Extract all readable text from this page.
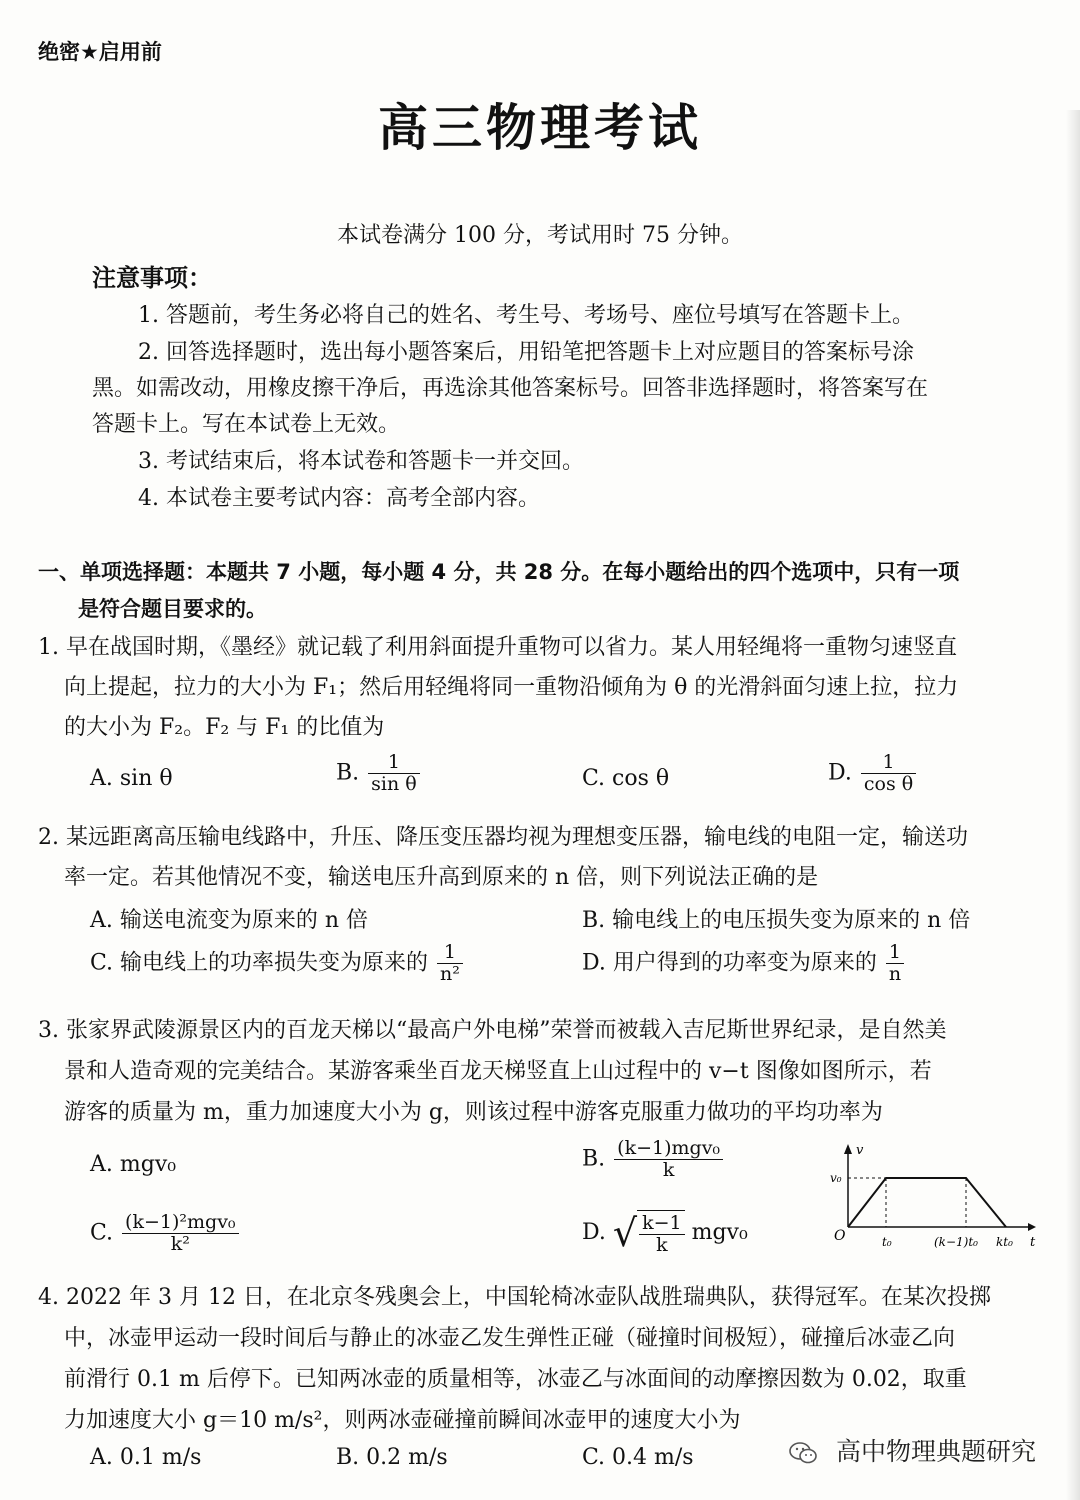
绝密★启用前
高三物理考试
本试卷满分 100 分，考试用时 75 分钟。
注意事项：
1. 答题前，考生务必将自己的姓名、考生号、考场号、座位号填写在答题卡上。
2. 回答选择题时，选出每小题答案后，用铅笔把答题卡上对应题目的答案标号涂
黑。如需改动，用橡皮擦干净后，再选涂其他答案标号。回答非选择题时，将答案写在
答题卡上。写在本试卷上无效。
3. 考试结束后，将本试卷和答题卡一并交回。
4. 本试卷主要考试内容：高考全部内容。
一、单项选择题：本题共 7 小题，每小题 4 分，共 28 分。在每小题给出的四个选项中，只有一项
是符合题目要求的。
1. 早在战国时期，《墨经》就记载了利用斜面提升重物可以省力。某人用轻绳将一重物匀速竖直
向上提起，拉力的大小为 F₁；然后用轻绳将同一重物沿倾角为 θ 的光滑斜面匀速上拉，拉力
的大小为 F₂。F₂ 与 F₁ 的比值为
A. sin θ	B. $\frac{1}{\text{sin θ}}$	C. cos θ	D. $\frac{1}{\text{cos θ}}$
2. 某远距离高压输电线路中，升压、降压变压器均视为理想变压器，输电线的电阻一定，输送功
率一定。若其他情况不变，输送电压升高到原来的 n 倍，则下列说法正确的是
A. 输送电流变为原来的 n 倍	B. 输电线上的电压损失变为原来的 n 倍
C. 输电线上的功率损失变为原来的 $\frac{1}{\text{n²}}$	D. 用户得到的功率变为原来的 $\frac{1}{n}$
3. 张家界武陵源景区内的百龙天梯以“最高户外电梯”荣誉而被载入吉尼斯世界纪录，是自然美
景和人造奇观的完美结合。某游客乘坐百龙天梯竖直上山过程中的 v−t 图像如图所示，若
游客的质量为 m，重力加速度大小为 g，则该过程中游客克服重力做功的平均功率为
A. mgv₀	B. $\frac{\text{(k−1)mgv₀}}{k}$
C. $\frac{\text{(k−1)²mgv₀}}{\text{k²}}$	D. √ $\frac{k-1}{k} mgv_0$
v
t
O
v₀
t₀	(k−1)t₀ kt₀
4. 2022 年 3 月 12 日，在北京冬残奥会上，中国轮椅冰壶队战胜瑞典队，获得冠军。在某次投掷
中，冰壶甲运动一段时间后与静止的冰壶乙发生弹性正碰（碰撞时间极短），碰撞后冰壶乙向
前滑行 0.1 m 后停下。已知两冰壶的质量相等，冰壶乙与冰面间的动摩擦因数为 0.02，取重
力加速度大小 g＝10 m/s²，则两冰壶碰撞前瞬间冰壶甲的速度大小为
A. 0.1 m/s	B. 0.2 m/s	C. 0.4 m/s	高中物理典题研究
